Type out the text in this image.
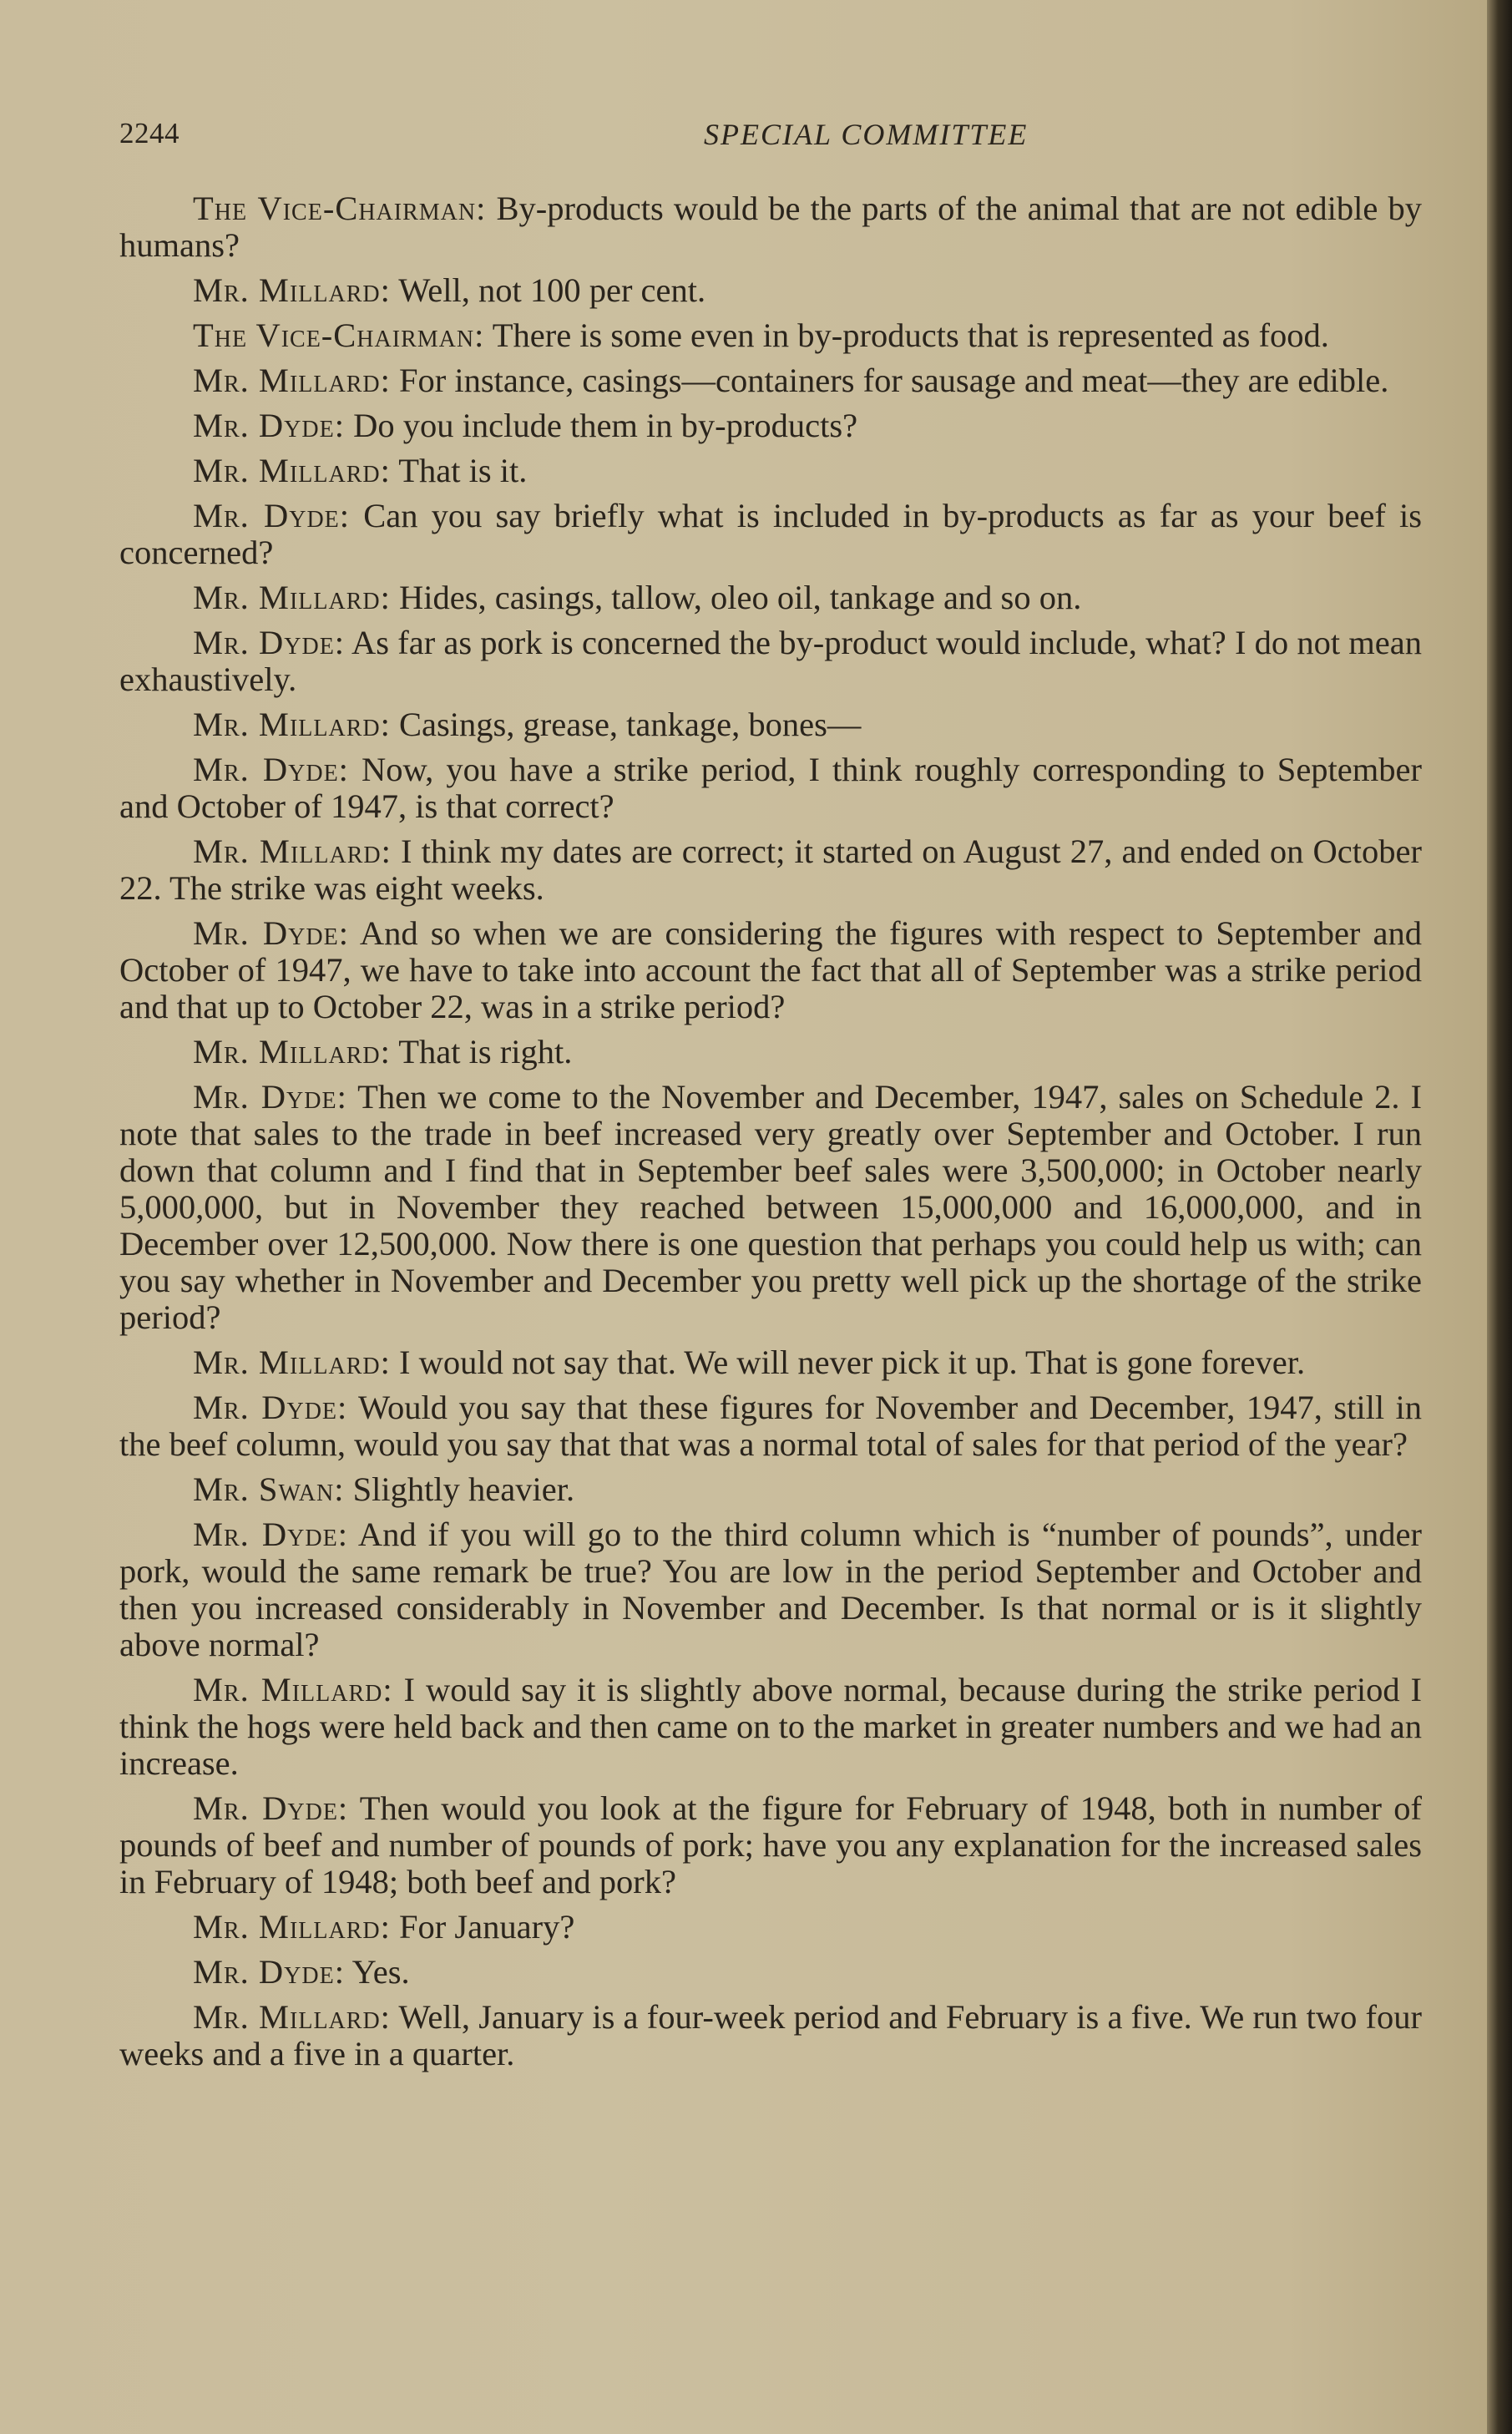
2244	SPECIAL COMMITTEE

The Vice-Chairman: By-products would be the parts of the animal that are not edible by humans?

Mr. Millard: Well, not 100 per cent.

The Vice-Chairman: There is some even in by-products that is represented as food.

Mr. Millard: For instance, casings—containers for sausage and meat—they are edible.

Mr. Dyde: Do you include them in by-products?

Mr. Millard: That is it.

Mr. Dyde: Can you say briefly what is included in by-products as far as your beef is concerned?

Mr. Millard: Hides, casings, tallow, oleo oil, tankage and so on.

Mr. Dyde: As far as pork is concerned the by-product would include, what? I do not mean exhaustively.

Mr. Millard: Casings, grease, tankage, bones—

Mr. Dyde: Now, you have a strike period, I think roughly corresponding to September and October of 1947, is that correct?

Mr. Millard: I think my dates are correct; it started on August 27, and ended on October 22. The strike was eight weeks.

Mr. Dyde: And so when we are considering the figures with respect to September and October of 1947, we have to take into account the fact that all of September was a strike period and that up to October 22, was in a strike period?

Mr. Millard: That is right.

Mr. Dyde: Then we come to the November and December, 1947, sales on Schedule 2. I note that sales to the trade in beef increased very greatly over September and October. I run down that column and I find that in September beef sales were 3,500,000; in October nearly 5,000,000, but in November they reached between 15,000,000 and 16,000,000, and in December over 12,500,000. Now there is one question that perhaps you could help us with; can you say whether in November and December you pretty well pick up the shortage of the strike period?

Mr. Millard: I would not say that. We will never pick it up. That is gone forever.

Mr. Dyde: Would you say that these figures for November and December, 1947, still in the beef column, would you say that that was a normal total of sales for that period of the year?

Mr. Swan: Slightly heavier.

Mr. Dyde: And if you will go to the third column which is “number of pounds”, under pork, would the same remark be true? You are low in the period September and October and then you increased considerably in November and December. Is that normal or is it slightly above normal?

Mr. Millard: I would say it is slightly above normal, because during the strike period I think the hogs were held back and then came on to the market in greater numbers and we had an increase.

Mr. Dyde: Then would you look at the figure for February of 1948, both in number of pounds of beef and number of pounds of pork; have you any explanation for the increased sales in February of 1948; both beef and pork?

Mr. Millard: For January?

Mr. Dyde: Yes.

Mr. Millard: Well, January is a four-week period and February is a five. We run two four weeks and a five in a quarter.
